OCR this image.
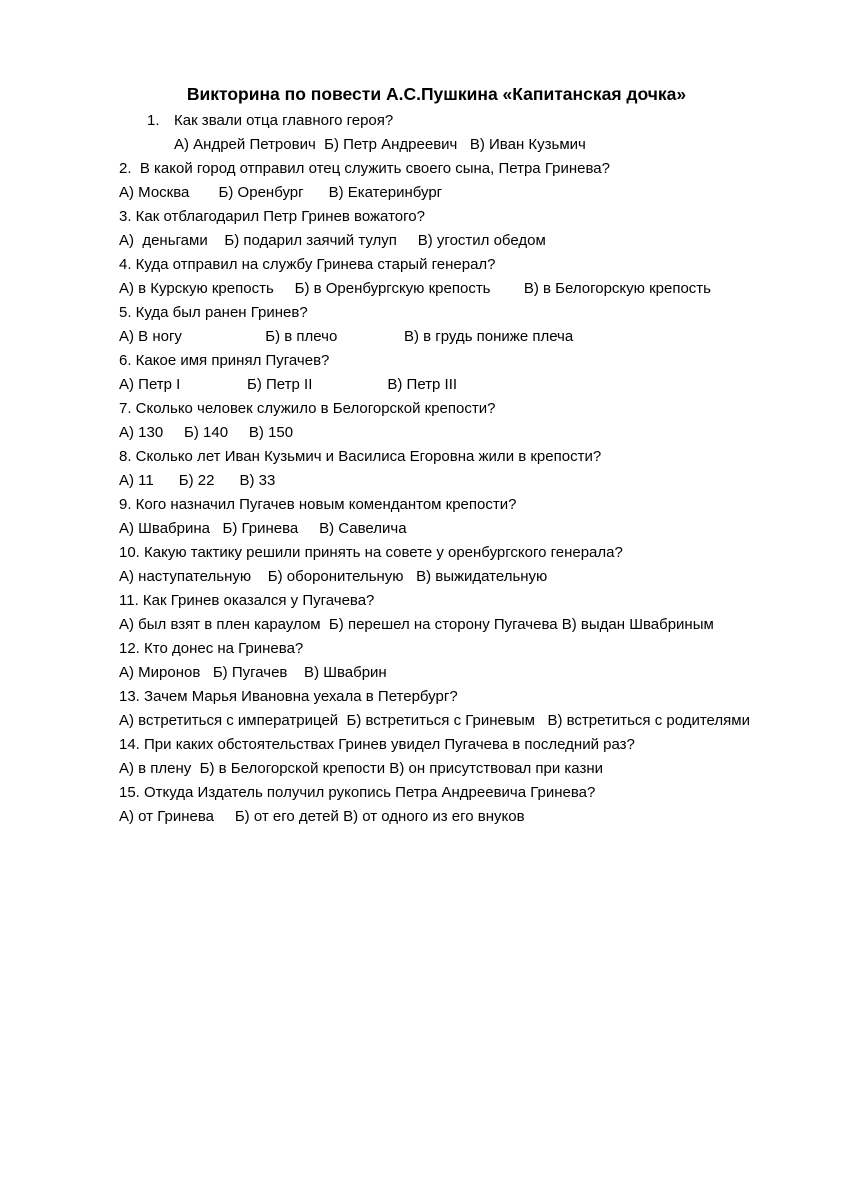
Викторина по повести А.С.Пушкина «Капитанская дочка»
1. Как звали отца главного героя?
А) Андрей Петрович  Б) Петр Андреевич   В) Иван Кузьмич
2.  В какой город отправил отец служить своего сына, Петра Гринева?
А) Москва       Б) Оренбург      В) Екатеринбург
3. Как отблагодарил Петр Гринев вожатого?
А)  деньгами    Б) подарил заячий тулуп     В) угостил обедом
4. Куда отправил на службу Гринева старый генерал?
А) в Курскую крепость     Б) в Оренбургскую крепость        В) в Белогорскую крепость
5. Куда был ранен Гринев?
А) В ногу                    Б) в плечо                В) в грудь пониже плеча
6. Какое имя принял Пугачев?
А) Петр I                Б) Петр II                  В) Петр III
7. Сколько человек служило в Белогорской крепости?
А) 130     Б) 140     В) 150
8. Сколько лет Иван Кузьмич и Василиса Егоровна жили в крепости?
А) 11      Б) 22      В) 33
9. Кого назначил Пугачев новым комендантом крепости?
А) Швабрина   Б) Гринева     В) Савелича
10. Какую тактику решили принять на совете у оренбургского генерала?
А) наступательную    Б) оборонительную   В) выжидательную
11. Как Гринев оказался у Пугачева?
А) был взят в плен караулом  Б) перешел на сторону Пугачева В) выдан Швабриным
12. Кто донес на Гринева?
А) Миронов   Б) Пугачев    В) Швабрин
13. Зачем Марья Ивановна уехала в Петербург?
А) встретиться с императрицей  Б) встретиться с Гриневым   В) встретиться с родителями
14. При каких обстоятельствах Гринев увидел Пугачева в последний раз?
А) в плену  Б) в Белогорской крепости В) он присутствовал при казни
15. Откуда Издатель получил рукопись Петра Андреевича Гринева?
А) от Гринева     Б) от его детей В) от одного из его внуков
